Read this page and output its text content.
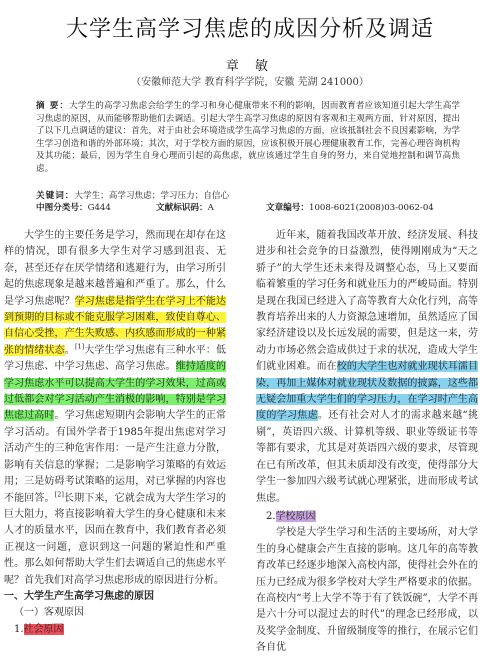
大学生高学习焦虑的成因分析及调适
章 敏
（安徽师范大学 教育科学学院，安徽 芜湖 241000）
摘 要：大学生的高学习焦虑会给学生的学习和身心健康带来不利的影响，因而教育者应该知道引起大学生高学习焦虑的原因，从而能够帮助他们去调适。引起大学生高学习焦虑的原因有客观和主观两方面，针对原因，提出了以下几点调适的建议：首先，对于由社会环境造成学生高学习焦虑的方面，应该抵制社会不良因素影响，为学生学习创造和谐的外部环境；其次，对于学校方面的原因，应该积极开展心理健康教育工作，完善心理咨询机构及其功能；最后，因为学生自身心理而引起的高焦虑，就应该通过学生自身的努力，来自觉地控制和调节高焦虑。
关键词：大学生；高学习焦虑；学习压力；自信心
中图分类号：G444	文献标识码：A	文章编号：1008-6021(2008)03-0062-04

大学生的主要任务是学习，然而现在却存在这样的情况，即有很多大学生对学习感到沮丧、无奈，甚至还存在厌学情绪和逃避行为，由学习所引起的焦虑现象是越来越普遍和严重了。那么，什么是学习焦虑呢？学习焦虑是指学生在学习上不能达到预期的目标或不能克服学习困难，致使自尊心、自信心受挫，产生失败感、内疚感而形成的一种紧张的情绪状态。[1]大学生学习焦虑有三种水平：低学习焦虑、中学习焦虑、高学习焦虑。维持适度的学习焦虑水平可以提高大学生的学习效果，过高或过低都会对学习活动产生消极的影响，特别是学习焦虑过高时。学习焦虑短期内会影响大学生的正常学习活动。有国外学者于1985年提出焦虑对学习活动产生的三种危害作用：一是产生注意力分散，影响有关信息的掌握；二是影响学习策略的有效运用；三是妨碍考试策略的运用，对已掌握的内容也不能回答。[2]长期下来，它就会成为大学生学习的巨大阻力，将直接影响着大学生的身心健康和未来人才的质量水平，因而在教育中，我们教育者必须正视这一问题，意识到这一问题的紧迫性和严重性。那么如何帮助大学生们去调适自己的焦虑水平呢？首先我们对高学习焦虑形成的原因进行分析。

一、大学生产生高学习焦虑的原因

（一）客观原因

1.社会原因

近年来，随着我国改革开放、经济发展、科技进步和社会竞争的日益激烈，使得刚刚成为“天之骄子”的大学生还未来得及调整心态，马上又要面临着繁重的学习任务和就业压力的严峻局面。特别是现在我国已经进入了高等教育大众化行列，高等教育培养出来的人力资源急速增加，虽然适应了国家经济建设以及长远发展的需要，但是这一来，劳动力市场必然会造成供过于求的状况，造成大学生们就业困难。而在校的大学生也对就业现状耳濡目染，再加上媒体对就业现状及数据的披露，这些都无疑会加重大学生们的学习压力，在学习时产生高度的学习焦虑。还有社会对人才的需求越来越“挑剔”，英语四六级、计算机等级、职业等级证书等等都有要求，尤其是对英语四六级的要求，尽管现在已有所改革，但其未质却没有改变，使得部分大学生一参加四六级考试就心理紧张，进而形成考试焦虑。

2.学校原因

学校是大学生学习和生活的主要场所，对大学生的身心健康会产生直接的影响。这几年的高等教育改革已经逐步地深入高校内部，使得社会外在的压力已经成为很多学校对大学生严格要求的依据。在高校内“考上大学不等于有了铁饭碗”，大学不再是六十分可以混过去的时代”的理念已经形成，以及奖学金制度、升留级制度等的推行，在展示它们各自优
